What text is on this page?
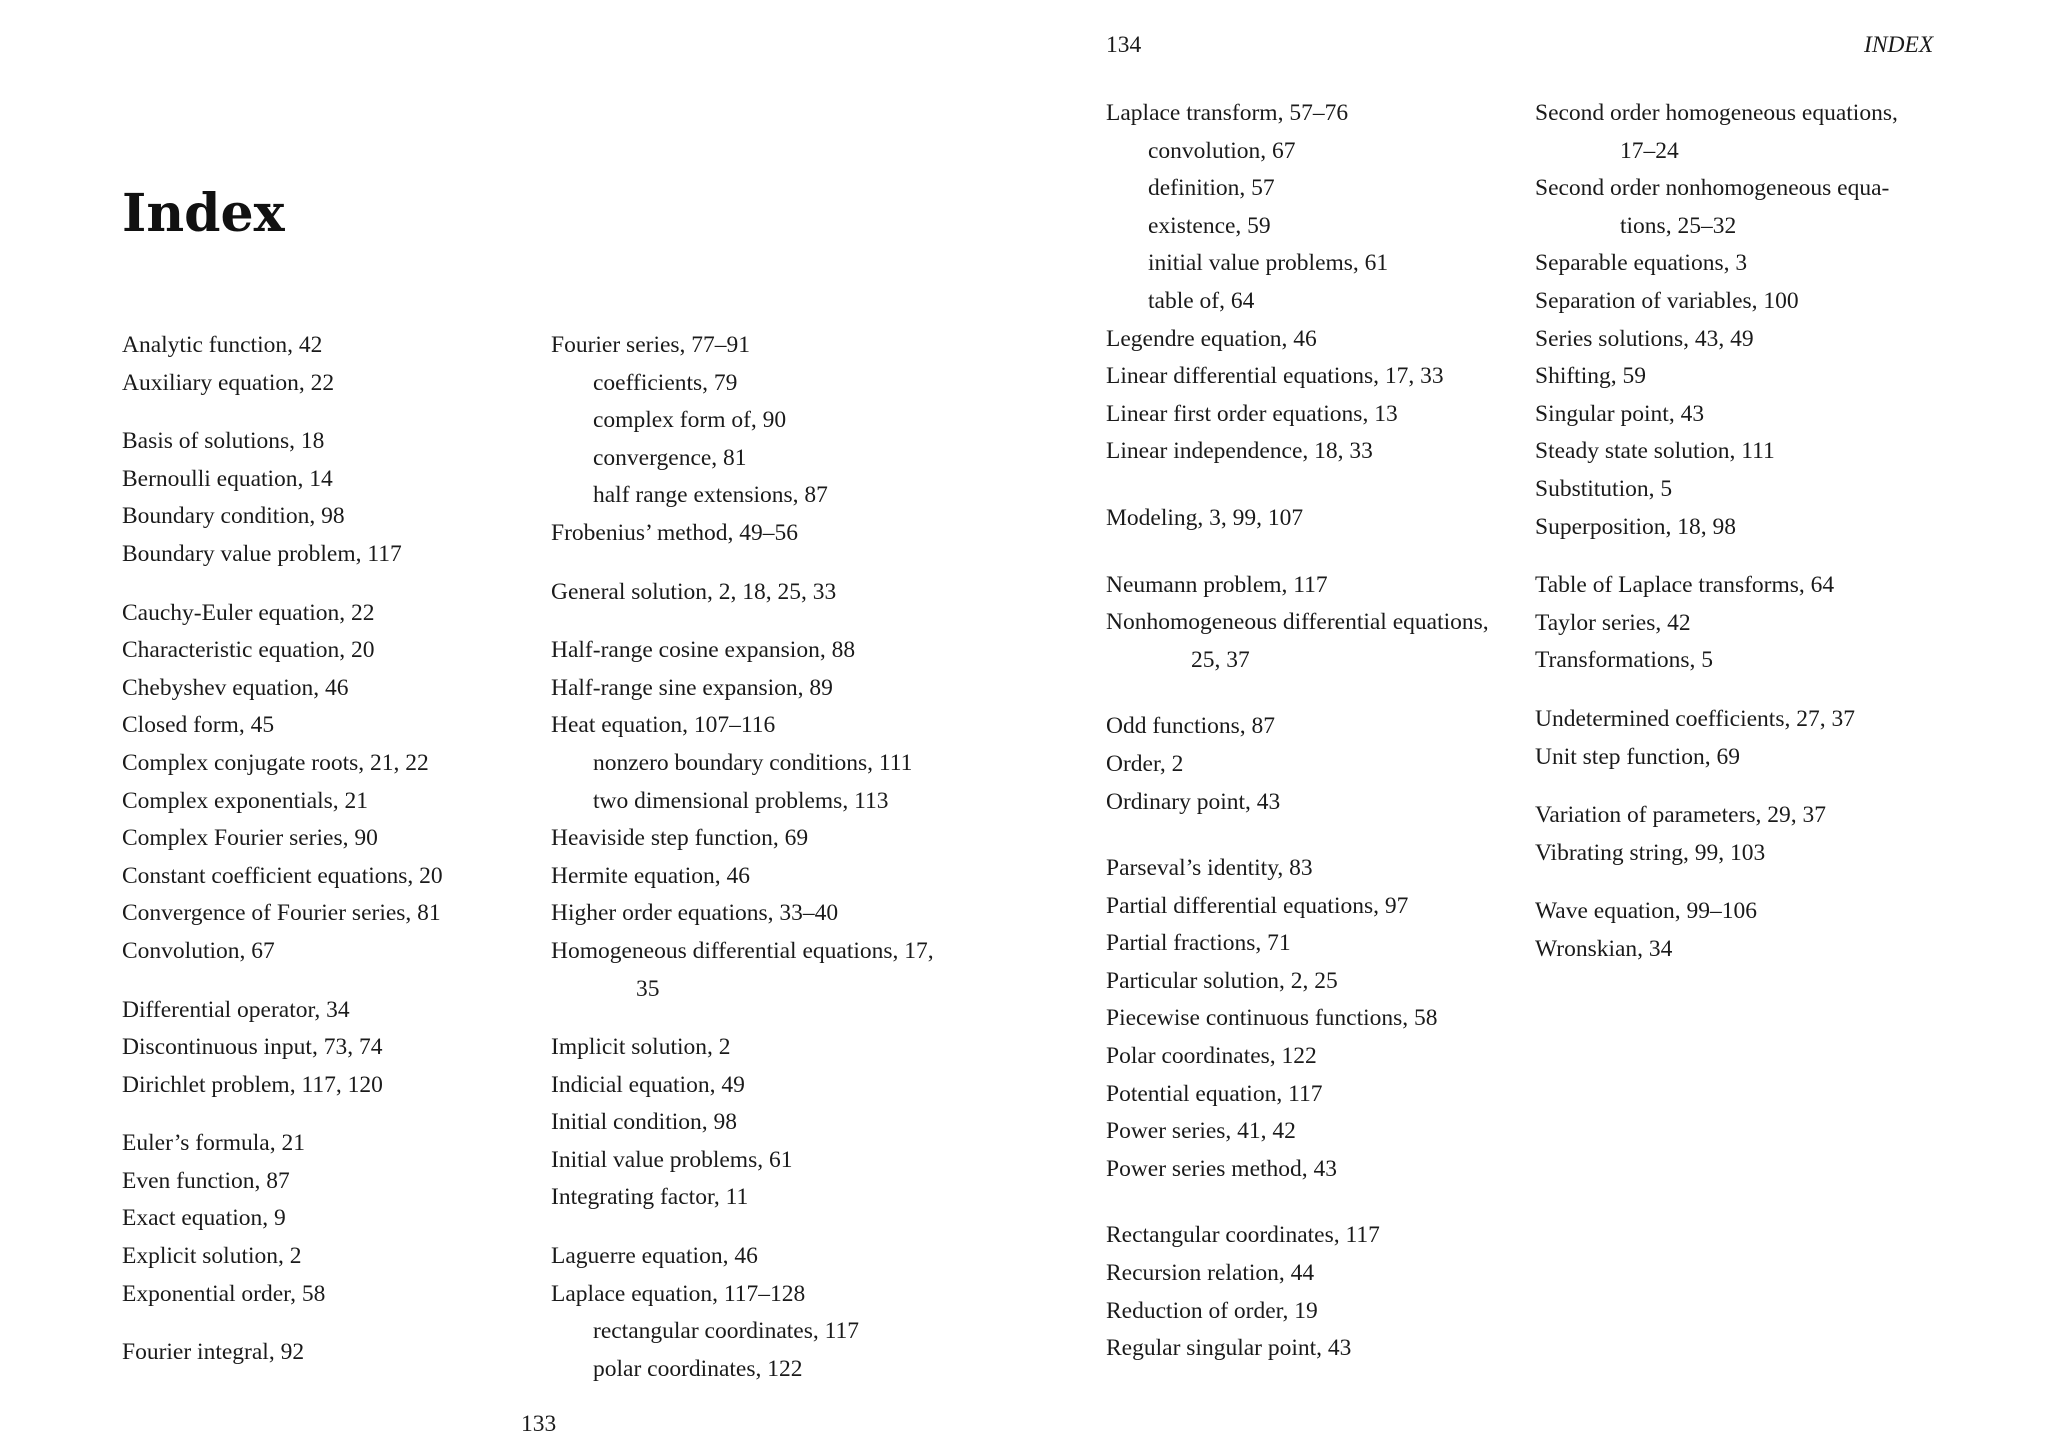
Index
Analytic function, 42
Auxiliary equation, 22
Basis of solutions, 18
Bernoulli equation, 14
Boundary condition, 98
Boundary value problem, 117
Cauchy-Euler equation, 22
Characteristic equation, 20
Chebyshev equation, 46
Closed form, 45
Complex conjugate roots, 21, 22
Complex exponentials, 21
Complex Fourier series, 90
Constant coefficient equations, 20
Convergence of Fourier series, 81
Convolution, 67
Differential operator, 34
Discontinuous input, 73, 74
Dirichlet problem, 117, 120
Euler’s formula, 21
Even function, 87
Exact equation, 9
Explicit solution, 2
Exponential order, 58
Fourier integral, 92
Fourier series, 77–91
coefficients, 79
complex form of, 90
convergence, 81
half range extensions, 87
Frobenius’ method, 49–56
General solution, 2, 18, 25, 33
Half-range cosine expansion, 88
Half-range sine expansion, 89
Heat equation, 107–116
nonzero boundary conditions, 111
two dimensional problems, 113
Heaviside step function, 69
Hermite equation, 46
Higher order equations, 33–40
Homogeneous differential equations, 17,
35
Implicit solution, 2
Indicial equation, 49
Initial condition, 98
Initial value problems, 61
Integrating factor, 11
Laguerre equation, 46
Laplace equation, 117–128
rectangular coordinates, 117
polar coordinates, 122
133
134	INDEX
Laplace transform, 57–76
convolution, 67
definition, 57
existence, 59
initial value problems, 61
table of, 64
Legendre equation, 46
Linear differential equations, 17, 33
Linear first order equations, 13
Linear independence, 18, 33
Modeling, 3, 99, 107
Neumann problem, 117
Nonhomogeneous differential equations,
25, 37
Odd functions, 87
Order, 2
Ordinary point, 43
Parseval’s identity, 83
Partial differential equations, 97
Partial fractions, 71
Particular solution, 2, 25
Piecewise continuous functions, 58
Polar coordinates, 122
Potential equation, 117
Power series, 41, 42
Power series method, 43
Rectangular coordinates, 117
Recursion relation, 44
Reduction of order, 19
Regular singular point, 43
Second order homogeneous equations,
17–24
Second order nonhomogeneous equa-
tions, 25–32
Separable equations, 3
Separation of variables, 100
Series solutions, 43, 49
Shifting, 59
Singular point, 43
Steady state solution, 111
Substitution, 5
Superposition, 18, 98
Table of Laplace transforms, 64
Taylor series, 42
Transformations, 5
Undetermined coefficients, 27, 37
Unit step function, 69
Variation of parameters, 29, 37
Vibrating string, 99, 103
Wave equation, 99–106
Wronskian, 34
